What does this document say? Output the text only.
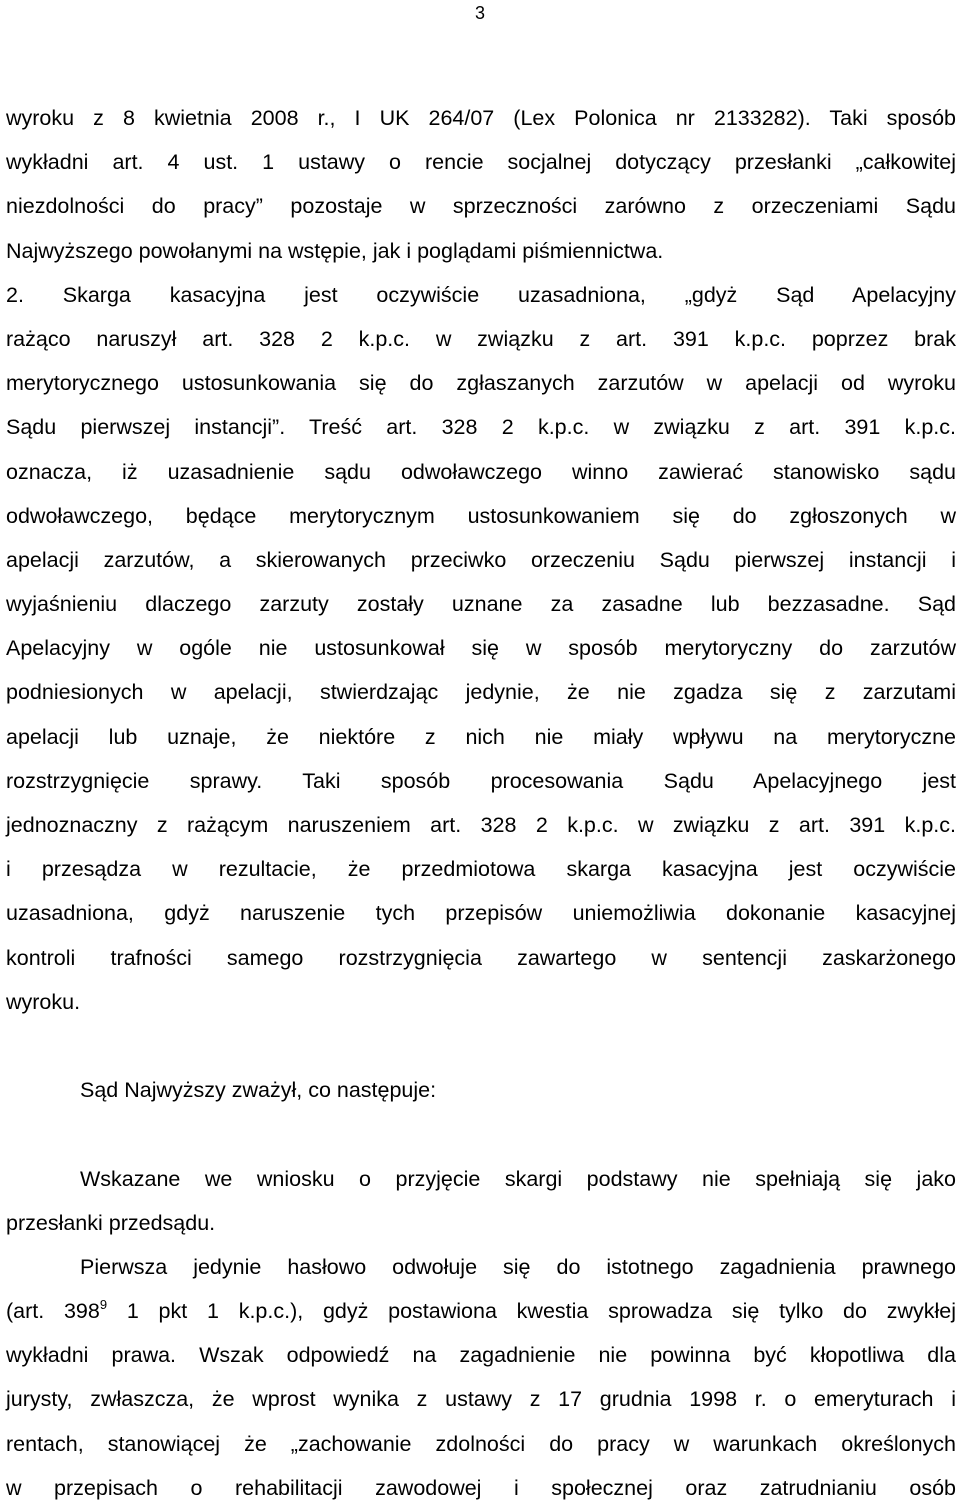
3
wyroku z 8 kwietnia 2008 r., I UK 264/07 (Lex Polonica nr 2133282). Taki sposób
wykładni art. 4 ust. 1 ustawy o rencie socjalnej dotyczący przesłanki „całkowitej
niezdolności do pracy” pozostaje w sprzeczności zarówno z orzeczeniami Sądu
Najwyższego powołanymi na wstępie, jak i poglądami piśmiennictwa.
2. Skarga kasacyjna jest oczywiście uzasadniona, „gdyż Sąd Apelacyjny
rażąco naruszył art. 328 2 k.p.c. w związku z art. 391 k.p.c. poprzez brak
merytorycznego ustosunkowania się do zgłaszanych zarzutów w apelacji od wyroku
Sądu pierwszej instancji”. Treść art. 328 2 k.p.c. w związku z art. 391 k.p.c.
oznacza, iż uzasadnienie sądu odwoławczego winno zawierać stanowisko sądu
odwoławczego, będące merytorycznym ustosunkowaniem się do zgłoszonych w
apelacji zarzutów, a skierowanych przeciwko orzeczeniu Sądu pierwszej instancji i
wyjaśnieniu dlaczego zarzuty zostały uznane za zasadne lub bezzasadne. Sąd
Apelacyjny w ogóle nie ustosunkował się w sposób merytoryczny do zarzutów
podniesionych w apelacji, stwierdzając jedynie, że nie zgadza się z zarzutami
apelacji lub uznaje, że niektóre z nich nie miały wpływu na merytoryczne
rozstrzygnięcie sprawy. Taki sposób procesowania Sądu Apelacyjnego jest
jednoznaczny z rażącym naruszeniem art. 328 2 k.p.c. w związku z art. 391 k.p.c.
i przesądza w rezultacie, że przedmiotowa skarga kasacyjna jest oczywiście
uzasadniona, gdyż naruszenie tych przepisów uniemożliwia dokonanie kasacyjnej
kontroli trafności samego rozstrzygnięcia zawartego w sentencji zaskarżonego
wyroku.
Sąd Najwyższy zważył, co następuje:
Wskazane we wniosku o przyjęcie skargi podstawy nie spełniają się jako
przesłanki przedsądu.
Pierwsza jedynie hasłowo odwołuje się do istotnego zagadnienia prawnego
(art. $398^9$ 1 pkt 1 k.p.c.), gdyż postawiona kwestia sprowadza się tylko do zwykłej
wykładni prawa. Wszak odpowiedź na zagadnienie nie powinna być kłopotliwa dla
jurysty, zwłaszcza, że wprost wynika z ustawy z 17 grudnia 1998 r. o emeryturach i
rentach, stanowiącej że „zachowanie zdolności do pracy w warunkach określonych
w przepisach o rehabilitacji zawodowej i społecznej oraz zatrudnianiu osób
